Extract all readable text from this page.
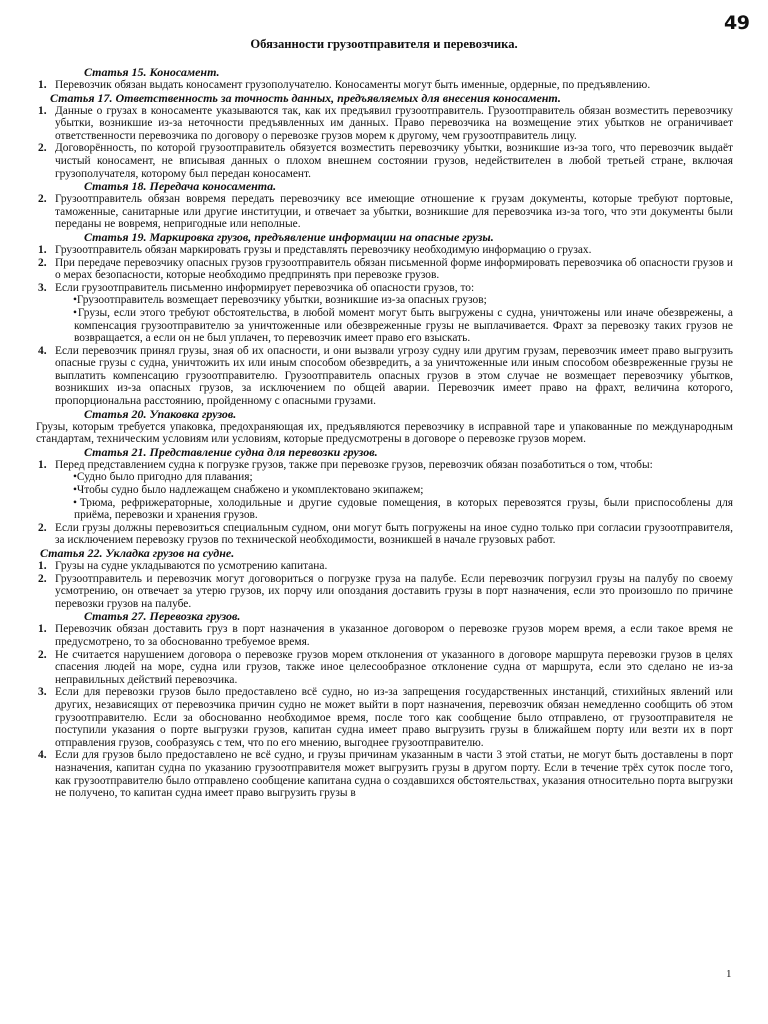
49
Обязанности грузоотправителя и перевозчика.
Статья 15. Коносамент.
1. Перевозчик обязан выдать коносамент грузополучателю. Коносаменты могут быть именные, ордерные, по предъявлению.
Статья 17. Ответственность за точность данных, предъявляемых для внесения коносамент.
1. Данные о грузах в коносаменте указываются так, как их предъявил грузоотправитель. Грузоотправитель обязан возместить перевозчику убытки, возникшие из-за неточности предъявленных им данных. Право перевозчика на возмещение этих убытков не ограничивает ответственности перевозчика по договору о перевозке грузов морем к другому, чем грузоотправитель лицу.
2. Договорённость, по которой грузоотправитель обязуется возместить перевозчику убытки, возникшие из-за того, что перевозчик выдаёт чистый коносамент, не вписывая данных о плохом внешнем состоянии грузов, недействителен в любой третьей стране, включая грузополучателя, которому был передан коносамент.
Статья 18. Передача коносамента.
2. Грузоотправитель обязан вовремя передать перевозчику все имеющие отношение к грузам документы, которые требуют портовые, таможенные, санитарные или другие институции, и отвечает за убытки, возникшие для перевозчика из-за того, что эти документы были переданы не вовремя, непригодные или неполные.
Статья 19. Маркировка грузов, предъявление информации на опасные грузы.
1. Грузоотправитель обязан маркировать грузы и представлять перевозчику необходимую информацию о грузах.
2. При передаче перевозчику опасных грузов грузоотправитель обязан письменной форме информировать перевозчика об опасности грузов и о мерах безопасности, которые необходимо предпринять при перевозке грузов.
3. Если грузоотправитель письменно информирует перевозчика об опасности грузов, то:
• Грузоотправитель возмещает перевозчику убытки, возникшие из-за опасных грузов;
• Грузы, если этого требуют обстоятельства, в любой момент могут быть выгружены с судна, уничтожены или иначе обезврежены, а компенсация грузоотправителю за уничтоженные или обезвреженные грузы не выплачивается. Фрахт за перевозку таких грузов не возвращается, а если он не был уплачен, то перевозчик имеет право его взыскать.
4. Если перевозчик принял грузы, зная об их опасности, и они вызвали угрозу судну или другим грузам, перевозчик имеет право выгрузить опасные грузы с судна, уничтожить их или иным способом обезвредить, а за уничтоженные или иным способом обезвреженные грузы не выплатить компенсацию грузоотправителю. Грузоотправитель опасных грузов в этом случае не возмещает перевозчику убытков, возникших из-за опасных грузов, за исключением по общей аварии. Перевозчик имеет право на фрахт, величина которого, пропорциональна расстоянию, пройденному с опасными грузами.
Статья 20. Упаковка грузов.
Грузы, которым требуется упаковка, предохраняющая их, предъявляются перевозчику в исправной таре и упакованные по международным стандартам, техническим условиям или условиям, которые предусмотрены в договоре о перевозке грузов морем.
Статья 21. Представление судна для перевозки грузов.
1. Перед представлением судна к погрузке грузов, также при перевозке грузов, перевозчик обязан позаботиться о том, чтобы:
• Судно было пригодно для плавания;
• Чтобы судно было надлежащем снабжено и укомплектовано экипажем;
• Трюма, рефрижераторные, холодильные и другие судовые помещения, в которых перевозятся грузы, были приспособлены для приёма, перевозки и хранения грузов.
2. Если грузы должны перевозиться специальным судном, они могут быть погружены на иное судно только при согласии грузоотправителя, за исключением перевозку грузов по технической необходимости, возникшей в начале грузовых работ.
Статья 22. Укладка грузов на судне.
1. Грузы на судне укладываются по усмотрению капитана.
2. Грузоотправитель и перевозчик могут договориться о погрузке груза на палубе. Если перевозчик погрузил грузы на палубу по своему усмотрению, он отвечает за утерю грузов, их порчу или опоздания доставить грузы в порт назначения, если это произошло по причине перевозки грузов на палубе.
Статья 27. Перевозка грузов.
1. Перевозчик обязан доставить груз в порт назначения в указанное договором о перевозке грузов морем время, а если такое время не предусмотрено, то за обоснованно требуемое время.
2. Не считается нарушением договора о перевозке грузов морем отклонения от указанного в договоре маршрута перевозки грузов в целях спасения людей на море, судна или грузов, также иное целесообразное отклонение судна от маршрута, если это сделано не из-за неправильных действий перевозчика.
3. Если для перевозки грузов было предоставлено всё судно, но из-за запрещения государственных инстанций, стихийных явлений или других, независящих от перевозчика причин судно не может выйти в порт назначения, перевозчик обязан немедленно сообщить об этом грузоотправителю. Если за обоснованно необходимое время, после того как сообщение было отправлено, от грузоотправителя не поступили указания о порте выгрузки грузов, капитан судна имеет право выгрузить грузы в ближайшем порту или везти их в порт отправления грузов, сообразуясь с тем, что по его мнению, выгоднее грузоотправителю.
4. Если для грузов было предоставлено не всё судно, и грузы причинам указанным в части 3 этой статьи, не могут быть доставлены в порт назначения, капитан судна по указанию грузоотправителя может выгрузить грузы в другом порту. Если в течение трёх суток после того, как грузоотправителю было отправлено сообщение капитана судна о создавшихся обстоятельствах, указания относительно порта выгрузки не получено, то капитан судна имеет право выгрузить грузы в
1
